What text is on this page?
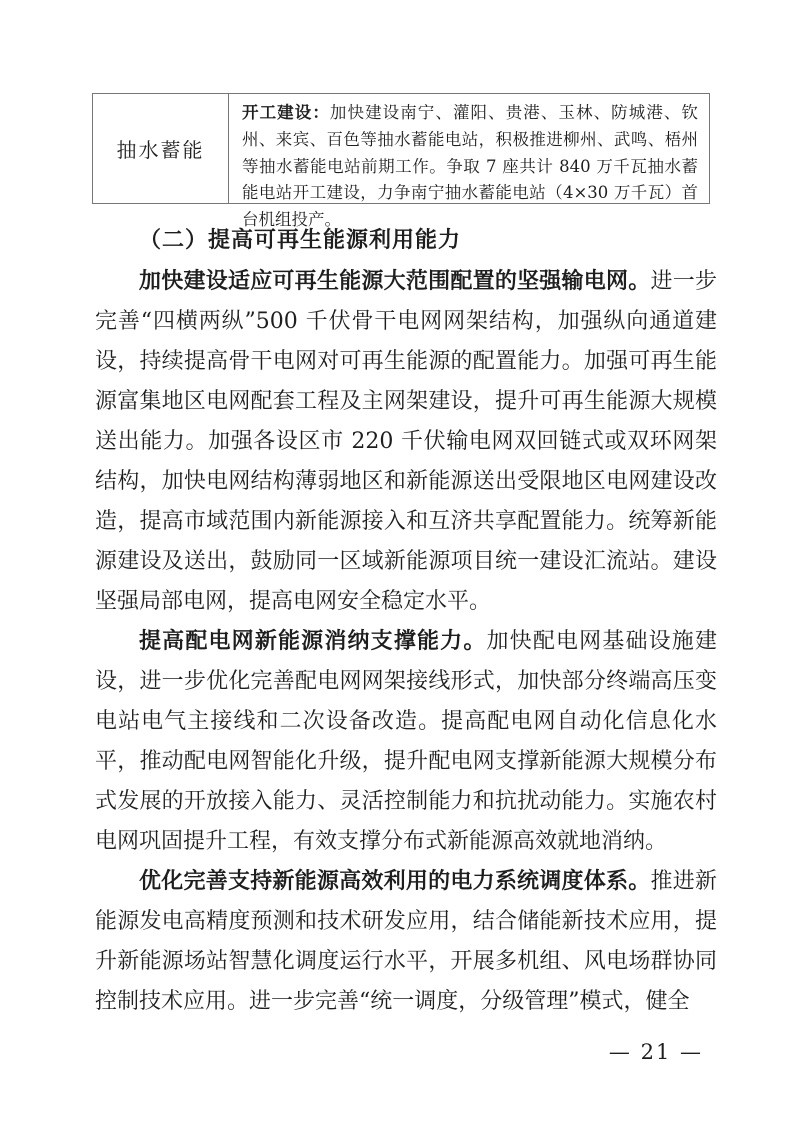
抽水蓄能
开工建设：加快建设南宁、灌阳、贵港、玉林、防城港、钦州、来宾、百色等抽水蓄能电站，积极推进柳州、武鸣、梧州等抽水蓄能电站前期工作。争取 7 座共计 840 万千瓦抽水蓄能电站开工建设，力争南宁抽水蓄能电站（4×30 万千瓦）首台机组投产。
（二）提高可再生能源利用能力
加快建设适应可再生能源大范围配置的坚强输电网。进一步完善“四横两纵”500 千伏骨干电网网架结构，加强纵向通道建设，持续提高骨干电网对可再生能源的配置能力。加强可再生能源富集地区电网配套工程及主网架建设，提升可再生能源大规模送出能力。加强各设区市 220 千伏输电网双回链式或双环网架结构，加快电网结构薄弱地区和新能源送出受限地区电网建设改造，提高市域范围内新能源接入和互济共享配置能力。统筹新能源建设及送出，鼓励同一区域新能源项目统一建设汇流站。建设坚强局部电网，提高电网安全稳定水平。
提高配电网新能源消纳支撑能力。加快配电网基础设施建设，进一步优化完善配电网网架接线形式，加快部分终端高压变电站电气主接线和二次设备改造。提高配电网自动化信息化水平，推动配电网智能化升级，提升配电网支撑新能源大规模分布式发展的开放接入能力、灵活控制能力和抗扰动能力。实施农村电网巩固提升工程，有效支撑分布式新能源高效就地消纳。
优化完善支持新能源高效利用的电力系统调度体系。推进新能源发电高精度预测和技术研发应用，结合储能新技术应用，提升新能源场站智慧化调度运行水平，开展多机组、风电场群协同控制技术应用。进一步完善“统一调度，分级管理”模式，健全
— 21 —
